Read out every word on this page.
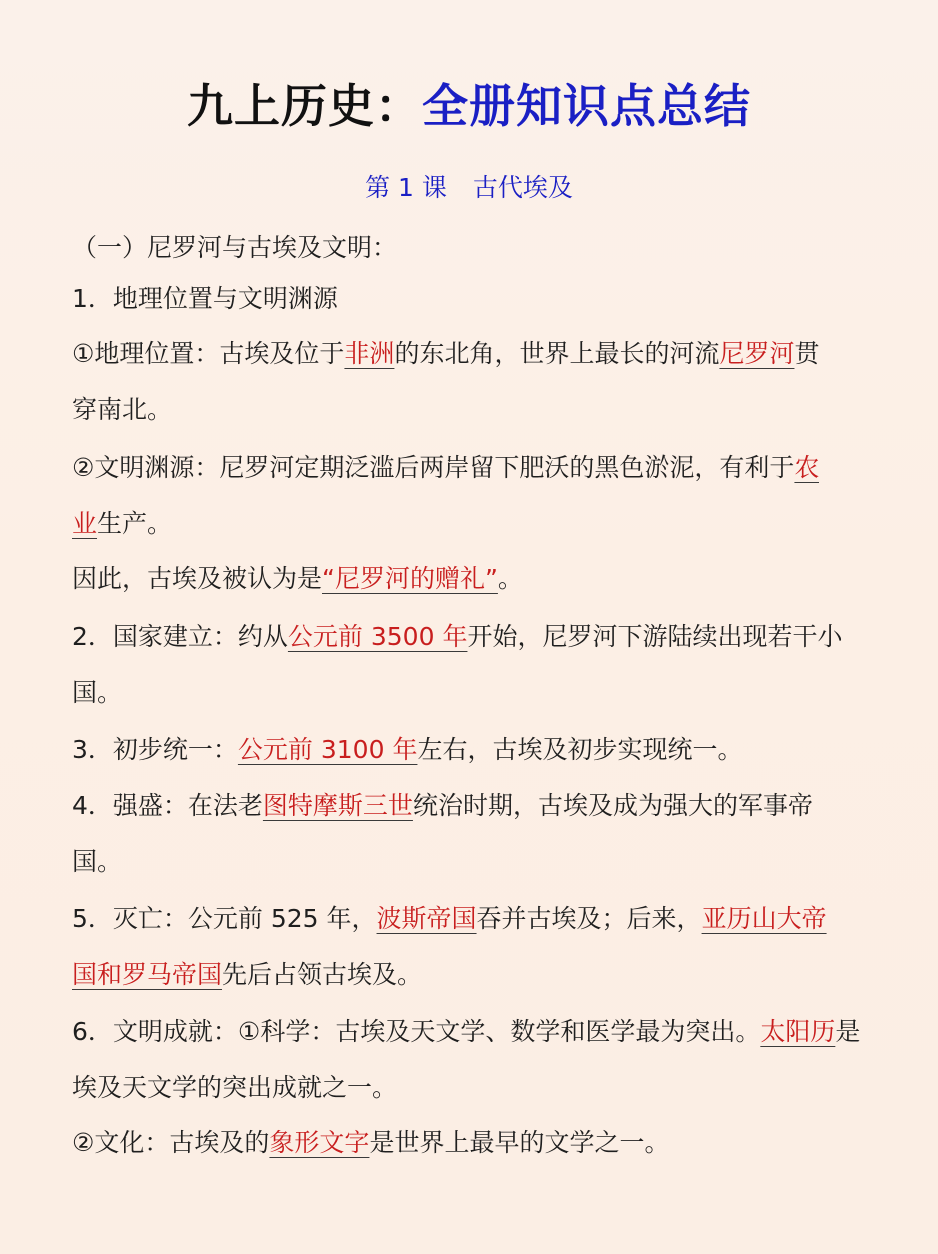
九上历史：全册知识点总结
第 1 课 古代埃及
（一）尼罗河与古埃及文明：
1．地理位置与文明渊源
①地理位置：古埃及位于非洲的东北角，世界上最长的河流尼罗河贯
穿南北。
②文明渊源：尼罗河定期泛滥后两岸留下肥沃的黑色淤泥，有利于农
业生产。
因此，古埃及被认为是“尼罗河的赠礼”。
2．国家建立：约从公元前 3500 年开始，尼罗河下游陆续出现若干小
国。
3．初步统一：公元前 3100 年左右，古埃及初步实现统一。
4．强盛：在法老图特摩斯三世统治时期，古埃及成为强大的军事帝
国。
5．灭亡：公元前 525 年，波斯帝国吞并古埃及；后来，亚历山大帝
国和罗马帝国先后占领古埃及。
6．文明成就：①科学：古埃及天文学、数学和医学最为突出。太阳历是
埃及天文学的突出成就之一。
②文化：古埃及的象形文字是世界上最早的文学之一。
